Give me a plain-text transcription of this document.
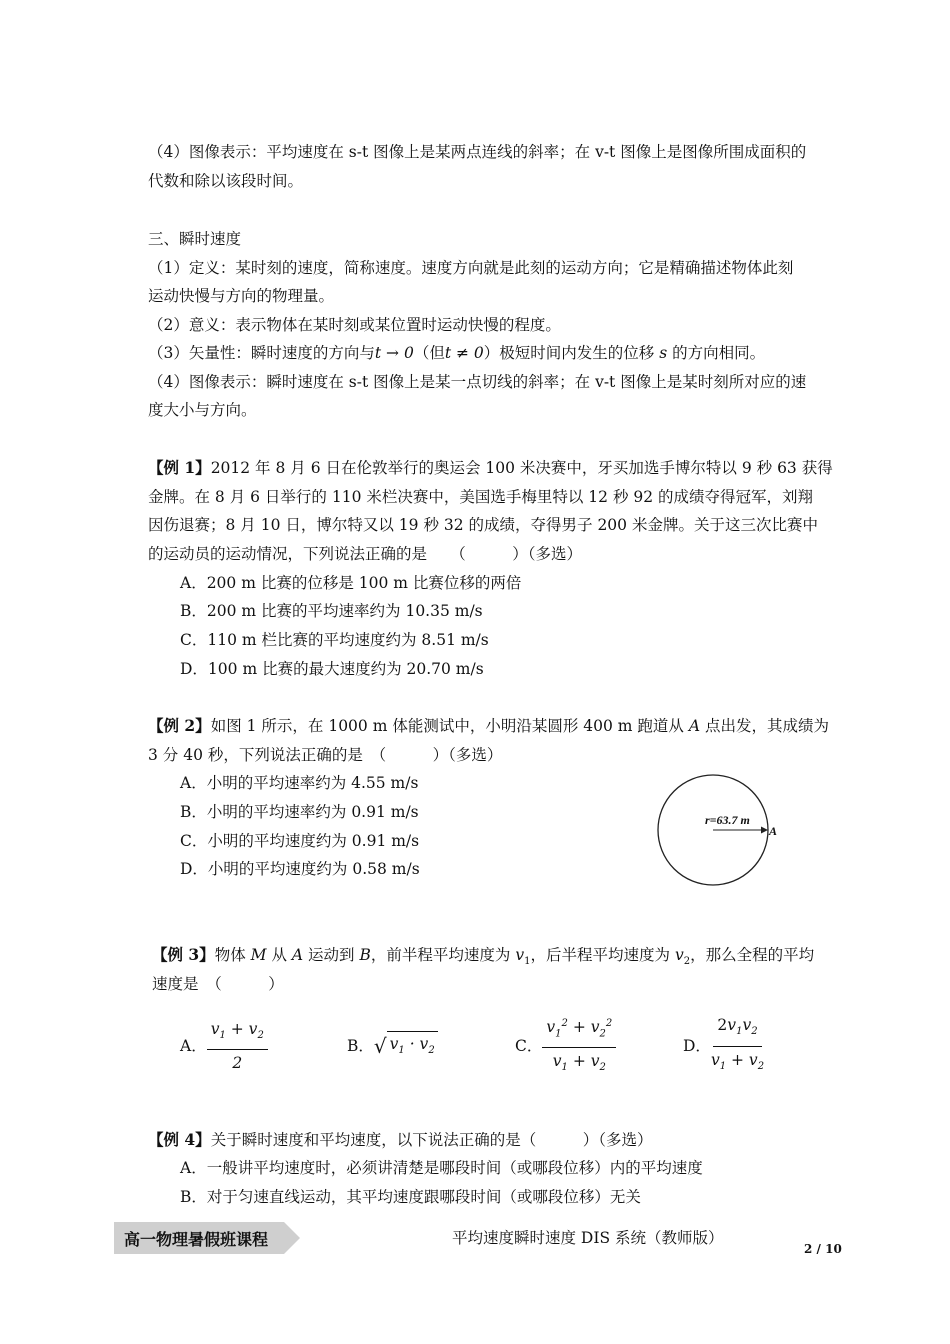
（4）图像表示：平均速度在 s-t 图像上是某两点连线的斜率；在 v-t 图像上是图像所围成面积的
代数和除以该段时间。
三、瞬时速度
（1）定义：某时刻的速度，简称速度。速度方向就是此刻的运动方向；它是精确描述物体此刻
运动快慢与方向的物理量。
（2）意义：表示物体在某时刻或某位置时运动快慢的程度。
（3）矢量性：瞬时速度的方向与t → 0（但t ≠ 0）极短时间内发生的位移 s 的方向相同。
（4）图像表示：瞬时速度在 s-t 图像上是某一点切线的斜率；在 v-t 图像上是某时刻所对应的速
度大小与方向。
【例 1】2012 年 8 月 6 日在伦敦举行的奥运会 100 米决赛中，牙买加选手博尔特以 9 秒 63 获得
金牌。在 8 月 6 日举行的 110 米栏决赛中，美国选手梅里特以 12 秒 92 的成绩夺得冠军，刘翔
因伤退赛；8 月 10 日，博尔特又以 19 秒 32 的成绩，夺得男子 200 米金牌。关于这三次比赛中
的运动员的运动情况，下列说法正确的是　　（　　　）（多选）
A．200 m 比赛的位移是 100 m 比赛位移的两倍
B．200 m 比赛的平均速率约为 10.35 m/s
C．110 m 栏比赛的平均速度约为 8.51 m/s
D．100 m 比赛的最大速度约为 20.70 m/s
【例 2】如图 1 所示，在 1000 m 体能测试中，小明沿某圆形 400 m 跑道从 A 点出发，其成绩为
3 分 40 秒，下列说法正确的是　（　　　）（多选）
A．小明的平均速率约为 4.55 m/s
B．小明的平均速率约为 0.91 m/s
C．小明的平均速度约为 0.91 m/s
D．小明的平均速度约为 0.58 m/s
r=63.7 m
A
【例 3】物体 M 从 A 运动到 B，前半程平均速度为 $v_1$，后半程平均速度为 $v_2$，那么全程的平均
速度是　（　　　）
A． $\frac{v_1 + v_2}{2}$	B． √ $v_1 \cdot v_2$	C． $\frac{v_1^2 + v_2^2}{v_1 + v_2}$	D． $\frac{2v_1v_2}{v_1 + v_2}$
【例 4】关于瞬时速度和平均速度，以下说法正确的是（　　　）（多选）
A．一般讲平均速度时，必须讲清楚是哪段时间（或哪段位移）内的平均速度
B．对于匀速直线运动，其平均速度跟哪段时间（或哪段位移）无关
高一物理暑假班课程	平均速度瞬时速度 DIS 系统（教师版）
2 / 10
